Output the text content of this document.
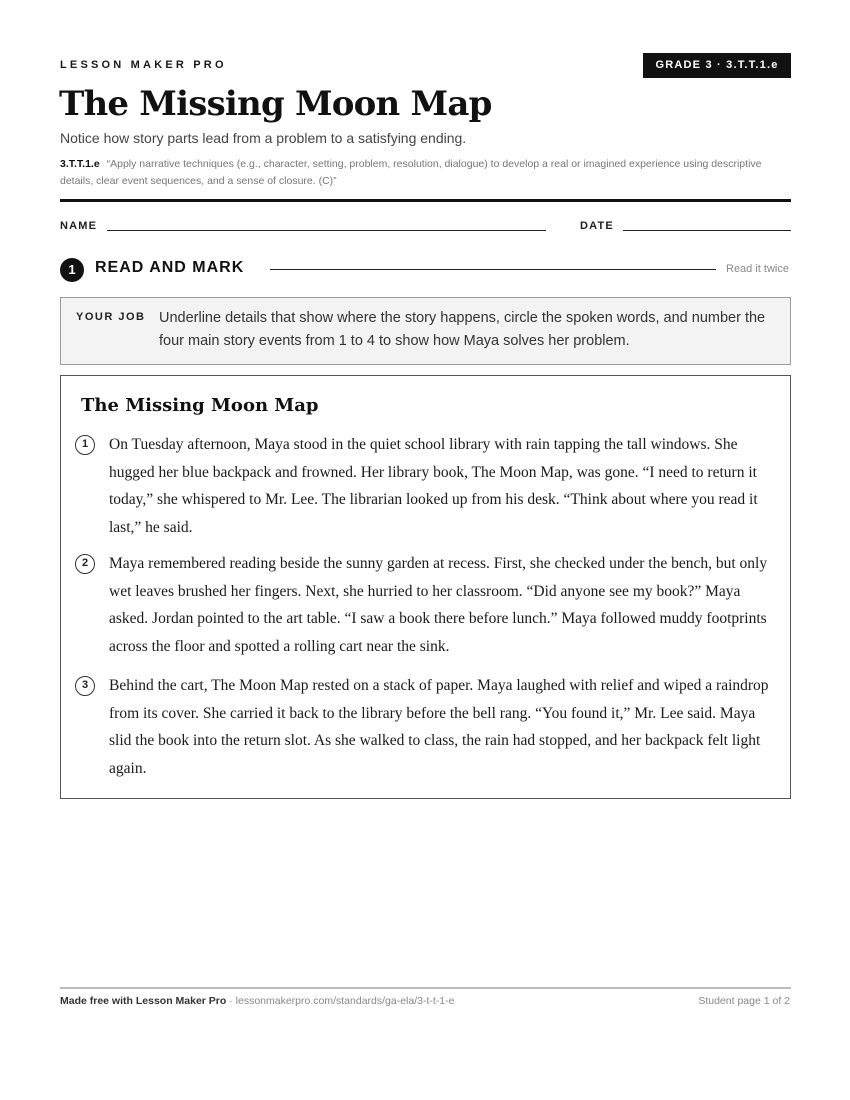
LESSON MAKER PRO	GRADE 3 · 3.T.T.1.e
The Missing Moon Map
Notice how story parts lead from a problem to a satisfying ending.
3.T.T.1.e “Apply narrative techniques (e.g., character, setting, problem, resolution, dialogue) to develop a real or imagined experience using descriptive details, clear event sequences, and a sense of closure. (C)”
NAME	DATE
1	READ AND MARK	Read it twice
YOUR JOB Underline details that show where the story happens, circle the spoken words, and number the four main story events from 1 to 4 to show how Maya solves her problem.
The Missing Moon Map
1	On Tuesday afternoon, Maya stood in the quiet school library with rain tapping the tall windows. She hugged her blue backpack and frowned. Her library book, The Moon Map, was gone. “I need to return it today,” she whispered to Mr. Lee. The librarian looked up from his desk. “Think about where you read it last,” he said.
2	Maya remembered reading beside the sunny garden at recess. First, she checked under the bench, but only wet leaves brushed her fingers. Next, she hurried to her classroom. “Did anyone see my book?” Maya asked. Jordan pointed to the art table. “I saw a book there before lunch.” Maya followed muddy footprints across the floor and spotted a rolling cart near the sink.
3	Behind the cart, The Moon Map rested on a stack of paper. Maya laughed with relief and wiped a raindrop from its cover. She carried it back to the library before the bell rang. “You found it,” Mr. Lee said. Maya slid the book into the return slot. As she walked to class, the rain had stopped, and her backpack felt light again.
Made free with Lesson Maker Pro · lessonmakerpro.com/standards/ga-ela/3-t-t-1-e	Student page 1 of 2
